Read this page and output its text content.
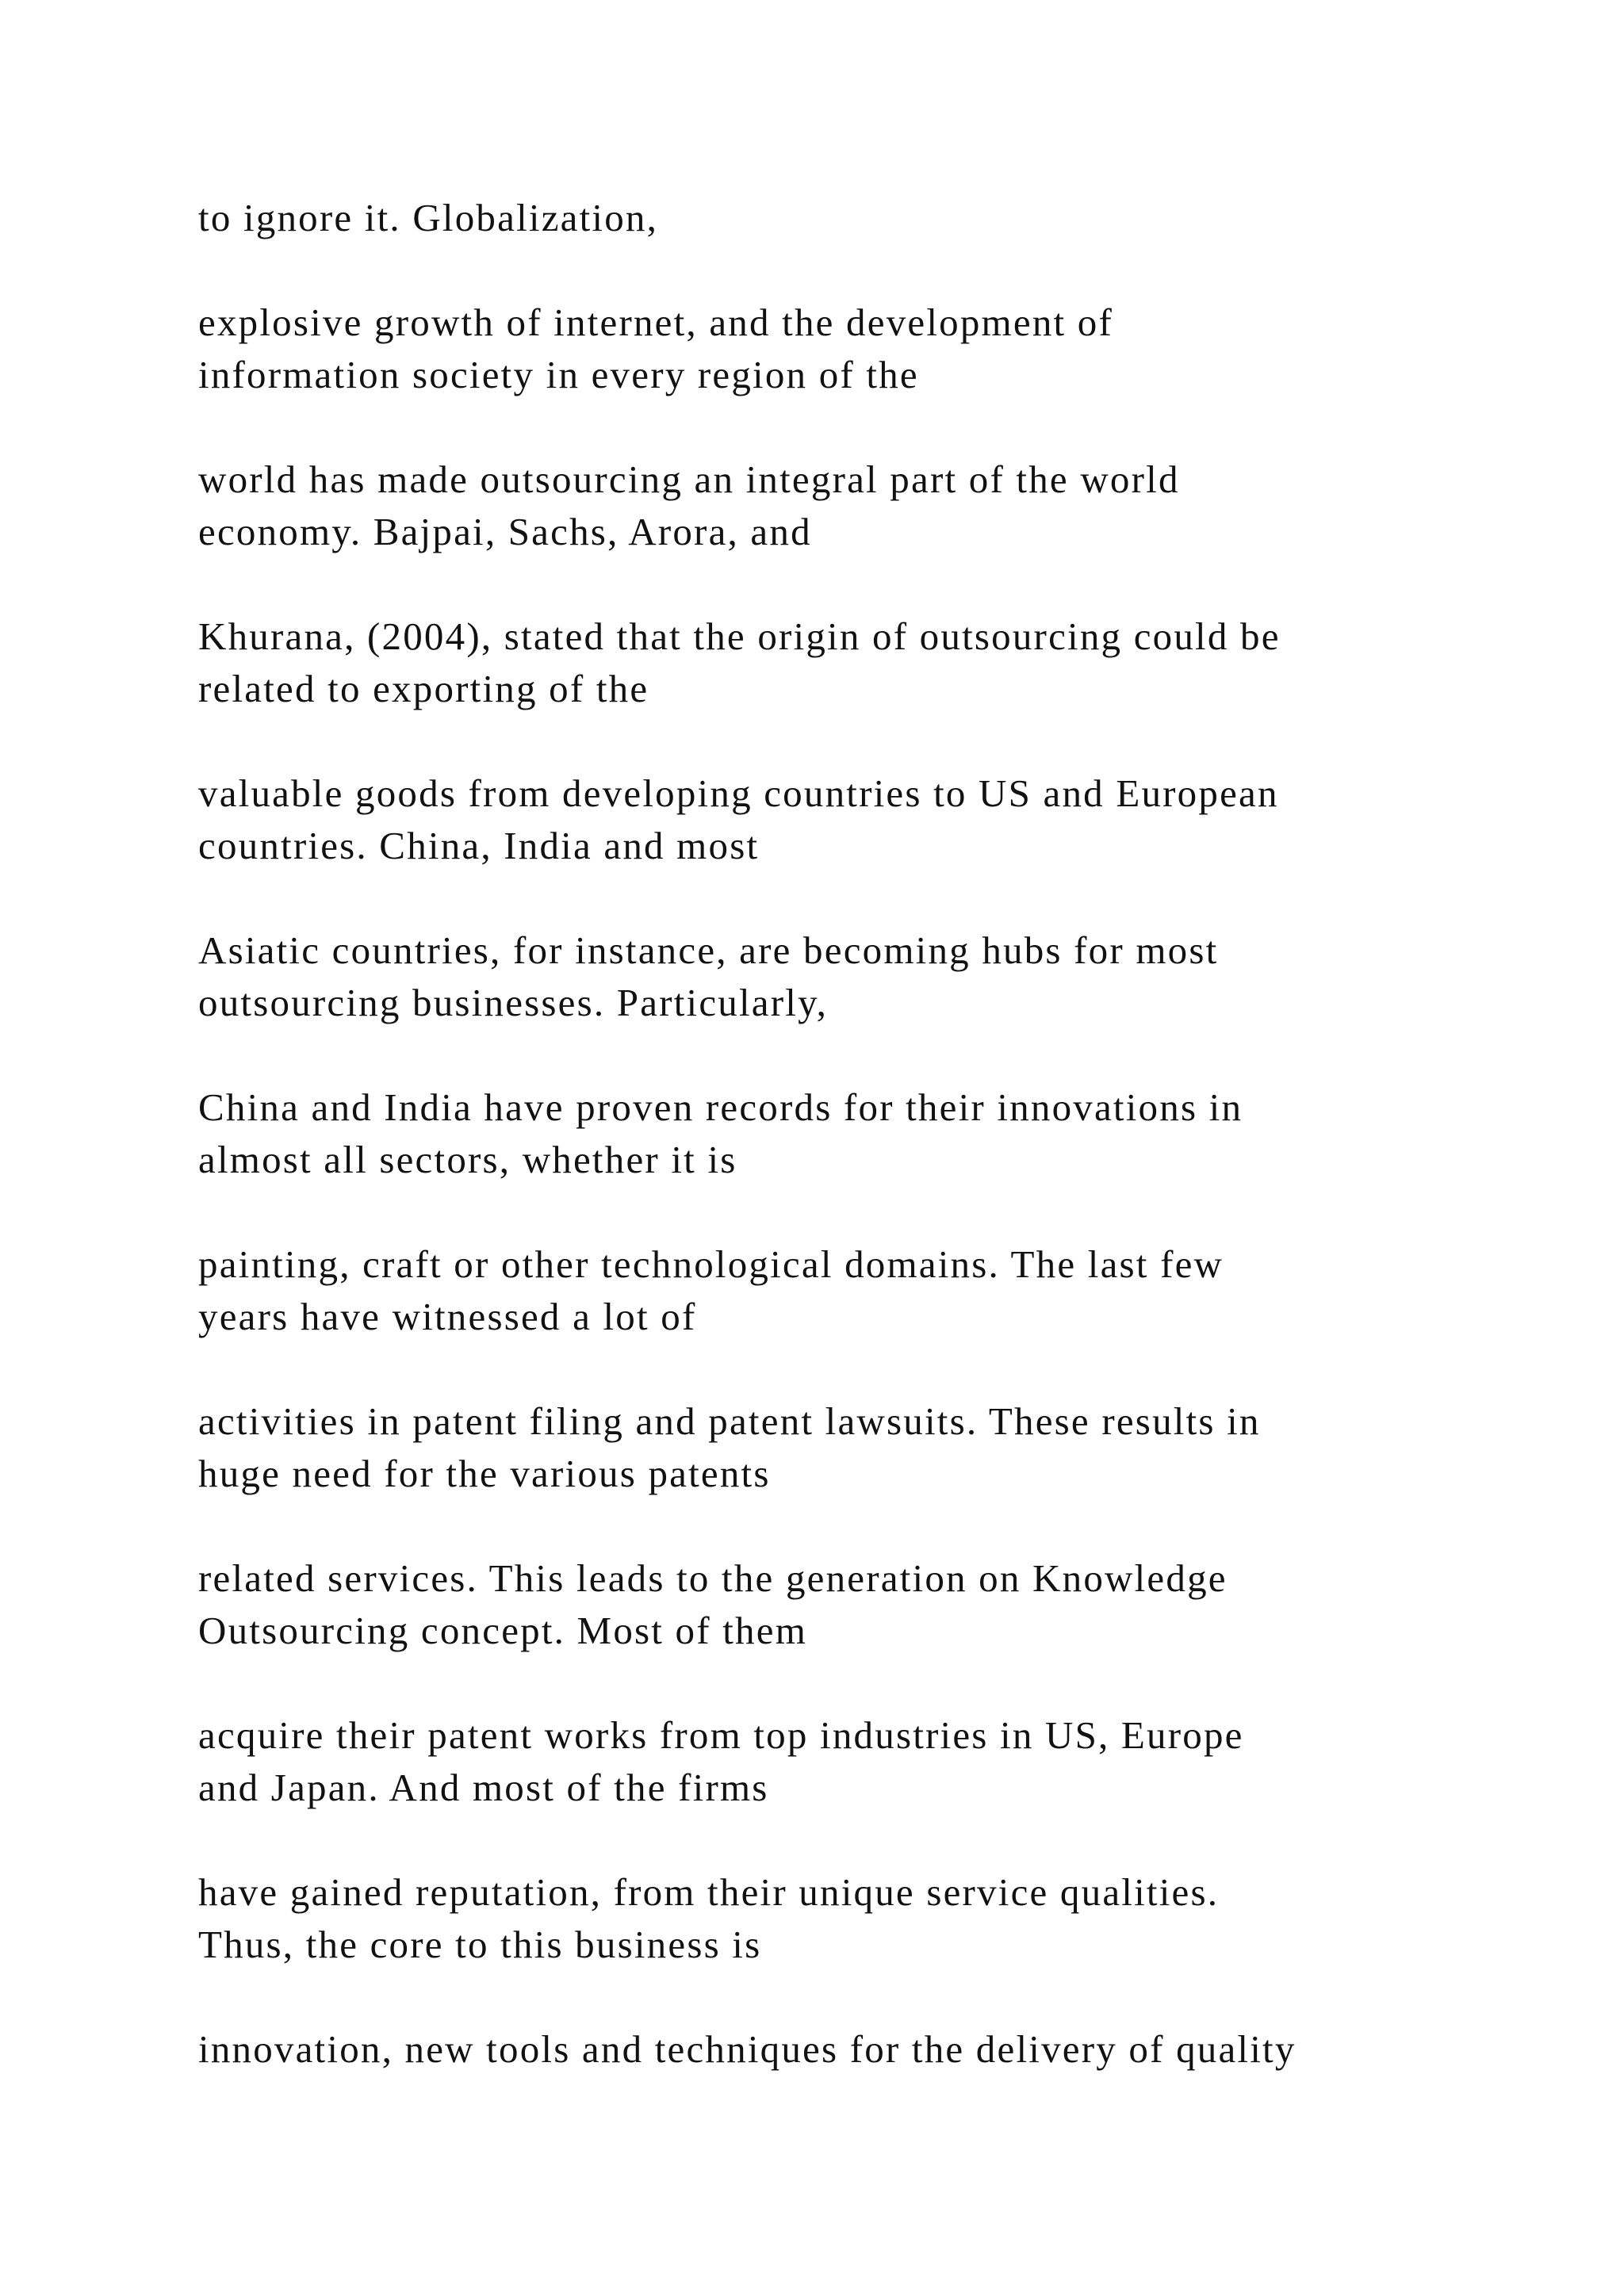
to ignore it. Globalization,

explosive growth of internet, and the development of
information society in every region of the

world has made outsourcing an integral part of the world
economy. Bajpai, Sachs, Arora, and

Khurana, (2004), stated that the origin of outsourcing could be
related to exporting of the

valuable goods from developing countries to US and European
countries. China, India and most

Asiatic countries, for instance, are becoming hubs for most
outsourcing businesses. Particularly,

China and India have proven records for their innovations in
almost all sectors, whether it is

painting, craft or other technological domains. The last few
years have witnessed a lot of

activities in patent filing and patent lawsuits. These results in
huge need for the various patents

related services. This leads to the generation on Knowledge
Outsourcing concept. Most of them

acquire their patent works from top industries in US, Europe
and Japan. And most of the firms

have gained reputation, from their unique service qualities.
Thus, the core to this business is

innovation, new tools and techniques for the delivery of quality
